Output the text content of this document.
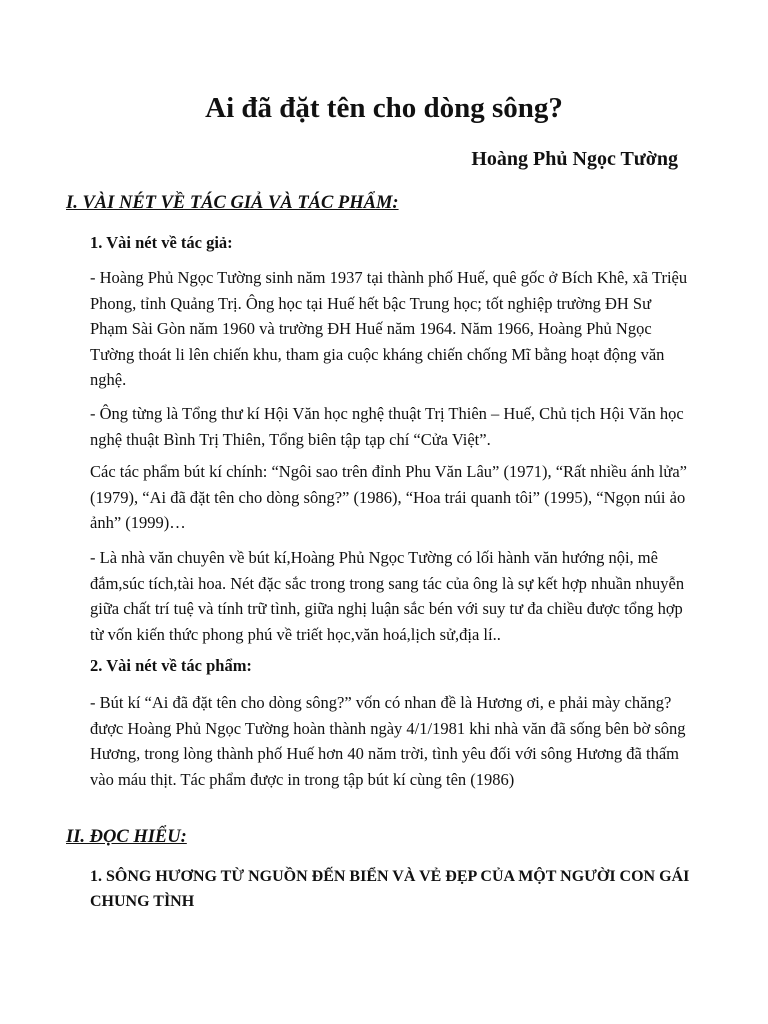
Ai đã đặt tên cho dòng sông?
Hoàng Phủ Ngọc Tường
I. VÀI NÉT VỀ TÁC GIẢ VÀ TÁC PHẨM:
1. Vài nét về tác giả:

- Hoàng Phủ Ngọc Tường sinh năm 1937 tại thành phố Huế, quê gốc ở Bích Khê, xã Triệu Phong, tỉnh Quảng Trị. Ông học tại Huế hết bậc Trung học; tốt nghiệp trường ĐH Sư Phạm Sài Gòn năm 1960 và trường ĐH Huế năm 1964. Năm 1966, Hoàng Phủ Ngọc Tường thoát li lên chiến khu, tham gia cuộc kháng chiến chống Mĩ bằng hoạt động văn nghệ.

- Ông từng là Tổng thư kí Hội Văn học nghệ thuật Trị Thiên – Huế, Chủ tịch Hội Văn học nghệ thuật Bình Trị Thiên, Tổng biên tập tạp chí “Cửa Việt”.

Các tác phẩm bút kí chính: “Ngôi sao trên đỉnh Phu Văn Lâu” (1971), “Rất nhiều ánh lửa” (1979), “Ai đã đặt tên cho dòng sông?” (1986), “Hoa trái quanh tôi” (1995), “Ngọn núi ảo ảnh” (1999)…

- Là nhà văn chuyên về bút kí,Hoàng Phủ Ngọc Tường có lối hành văn hướng nội, mê đắm,súc tích,tài hoa. Nét đặc sắc trong trong sang tác của ông là sự kết hợp nhuần nhuyễn giữa chất trí tuệ và tính trữ tình, giữa nghị luận sắc bén với suy tư đa chiều được tổng hợp từ vốn kiến thức phong phú về triết học,văn hoá,lịch sử,địa lí..

2. Vài nét về tác phẩm:

- Bút kí “Ai đã đặt tên cho dòng sông?” vốn có nhan đề là Hương ơi, e phải mày chăng? được Hoàng Phủ Ngọc Tường hoàn thành ngày 4/1/1981 khi nhà văn đã sống bên bờ sông Hương, trong lòng thành phố Huế hơn 40 năm trời, tình yêu đối với sông Hương đã thấm vào máu thịt. Tác phẩm được in trong tập bút kí cùng tên (1986)

II. ĐỌC HIỂU:

1. SÔNG HƯƠNG TỪ NGUỒN ĐẾN BIỂN VÀ VẺ ĐẸP CỦA MỘT NGƯỜI CON GÁI CHUNG TÌNH
